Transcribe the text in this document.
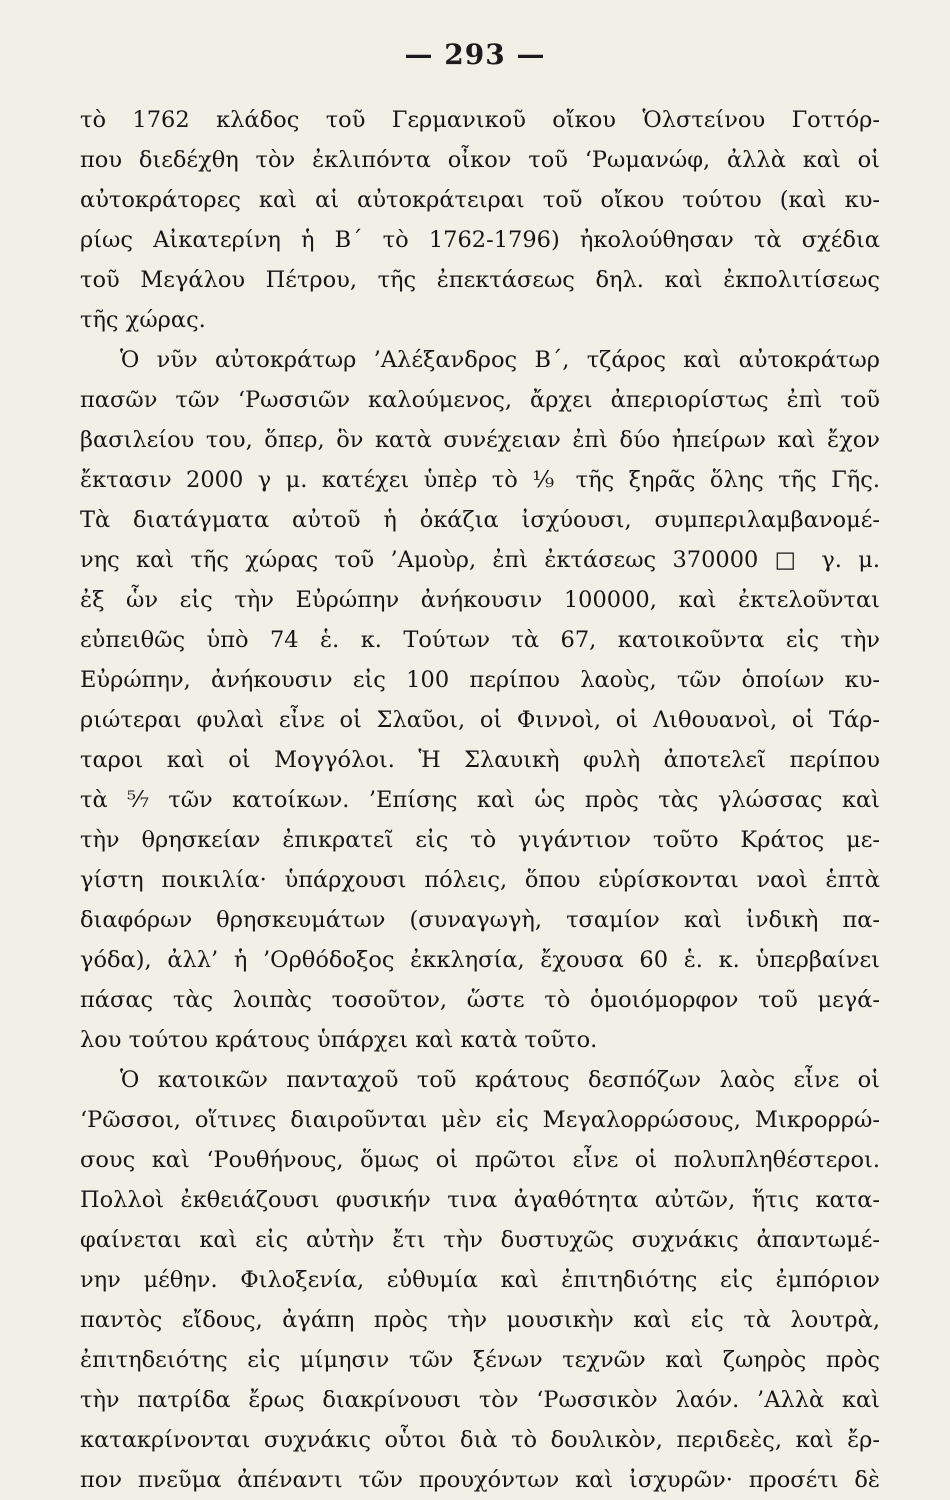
— 293 —
τὸ 1762 κλάδος τοῦ Γερμανικοῦ οἴκου Ὁλστείνου Γοττόρ-
που διεδέχθη τὸν ἐκλιπόντα οἶκον τοῦ ‘Ρωμανώφ, ἀλλὰ καὶ οἱ
αὐτοκράτορες καὶ αἱ αὐτοκράτειραι τοῦ οἴκου τούτου (καὶ κυ-
ρίως Αἰκατερίνη ἡ Β΄ τὸ 1762-1796) ἠκολούθησαν τὰ σχέδια
τοῦ Μεγάλου Πέτρου, τῆς ἐπεκτάσεως δηλ. καὶ ἐκπολιτίσεως
τῆς χώρας.
Ὁ νῦν αὐτοκράτωρ ’Αλέξανδρος Β΄, τζάρος καὶ αὐτοκράτωρ
πασῶν τῶν ‘Ρωσσιῶν καλούμενος, ἄρχει ἀπεριορίστως ἐπὶ τοῦ
βασιλείου του, ὅπερ, ὃν κατὰ συνέχειαν ἐπὶ δύο ἠπείρων καὶ ἔχον
ἔκτασιν 2000 γ μ. κατέχει ὑπὲρ τὸ ⅑ τῆς ξηρᾶς ὅλης τῆς Γῆς.
Τὰ διατάγματα αὐτοῦ ἡ ὀκάζια ἰσχύουσι, συμπεριλαμβανομέ-
νης καὶ τῆς χώρας τοῦ ’Αμοὺρ, ἐπὶ ἐκτάσεως 370000 □ γ. μ.
ἐξ ὧν εἰς τὴν Εὐρώπην ἀνήκουσιν 100000, καὶ ἐκτελοῦνται
εὐπειθῶς ὑπὸ 74 ἑ. κ. Τούτων τὰ 67, κατοικοῦντα εἰς τὴν
Εὐρώπην, ἀνήκουσιν εἰς 100 περίπου λαοὺς, τῶν ὁποίων κυ-
ριώτεραι φυλαὶ εἶνε οἱ Σλαῦοι, οἱ Φιννοὶ, οἱ Λιθουανοὶ, οἱ Τάρ-
ταροι καὶ οἱ Μογγόλοι. Ἡ Σλαυικὴ φυλὴ ἀποτελεῖ περίπου
τὰ ⁵⁄₇ τῶν κατοίκων. ’Επίσης καὶ ὡς πρὸς τὰς γλώσσας καὶ
τὴν θρησκείαν ἐπικρατεῖ εἰς τὸ γιγάντιον τοῦτο Κράτος με-
γίστη ποικιλία· ὑπάρχουσι πόλεις, ὅπου εὑρίσκονται ναοὶ ἑπτὰ
διαφόρων θρησκευμάτων (συναγωγὴ, τσαμίον καὶ ἰνδικὴ πα-
γόδα), ἀλλ’ ἡ ’Ορθόδοξος ἐκκλησία, ἔχουσα 60 ἑ. κ. ὑπερβαίνει
πάσας τὰς λοιπὰς τοσοῦτον, ὥστε τὸ ὁμοιόμορφον τοῦ μεγά-
λου τούτου κράτους ὑπάρχει καὶ κατὰ τοῦτο.
Ὁ κατοικῶν πανταχοῦ τοῦ κράτους δεσπόζων λαὸς εἶνε οἱ
‘Ρῶσσοι, οἵτινες διαιροῦνται μὲν εἰς Μεγαλορρώσους, Μικρορρώ-
σους καὶ ‘Ρουθήνους, ὅμως οἱ πρῶτοι εἶνε οἱ πολυπληθέστεροι.
Πολλοὶ ἐκθειάζουσι φυσικήν τινα ἀγαθότητα αὐτῶν, ἥτις κατα-
φαίνεται καὶ εἰς αὐτὴν ἔτι τὴν δυστυχῶς συχνάκις ἀπαντωμέ-
νην μέθην. Φιλοξενία, εὐθυμία καὶ ἐπιτηδιότης εἰς ἐμπόριον
παντὸς εἴδους, ἀγάπη πρὸς τὴν μουσικὴν καὶ εἰς τὰ λουτρὰ,
ἐπιτηδειότης εἰς μίμησιν τῶν ξένων τεχνῶν καὶ ζωηρὸς πρὸς
τὴν πατρίδα ἔρως διακρίνουσι τὸν ‘Ρωσσικὸν λαόν. ’Αλλὰ καὶ
κατακρίνονται συχνάκις οὗτοι διὰ τὸ δουλικὸν, περιδεὲς, καὶ ἔρ-
πον πνεῦμα ἀπέναντι τῶν προυχόντων καὶ ἰσχυρῶν· προσέτι δὲ
